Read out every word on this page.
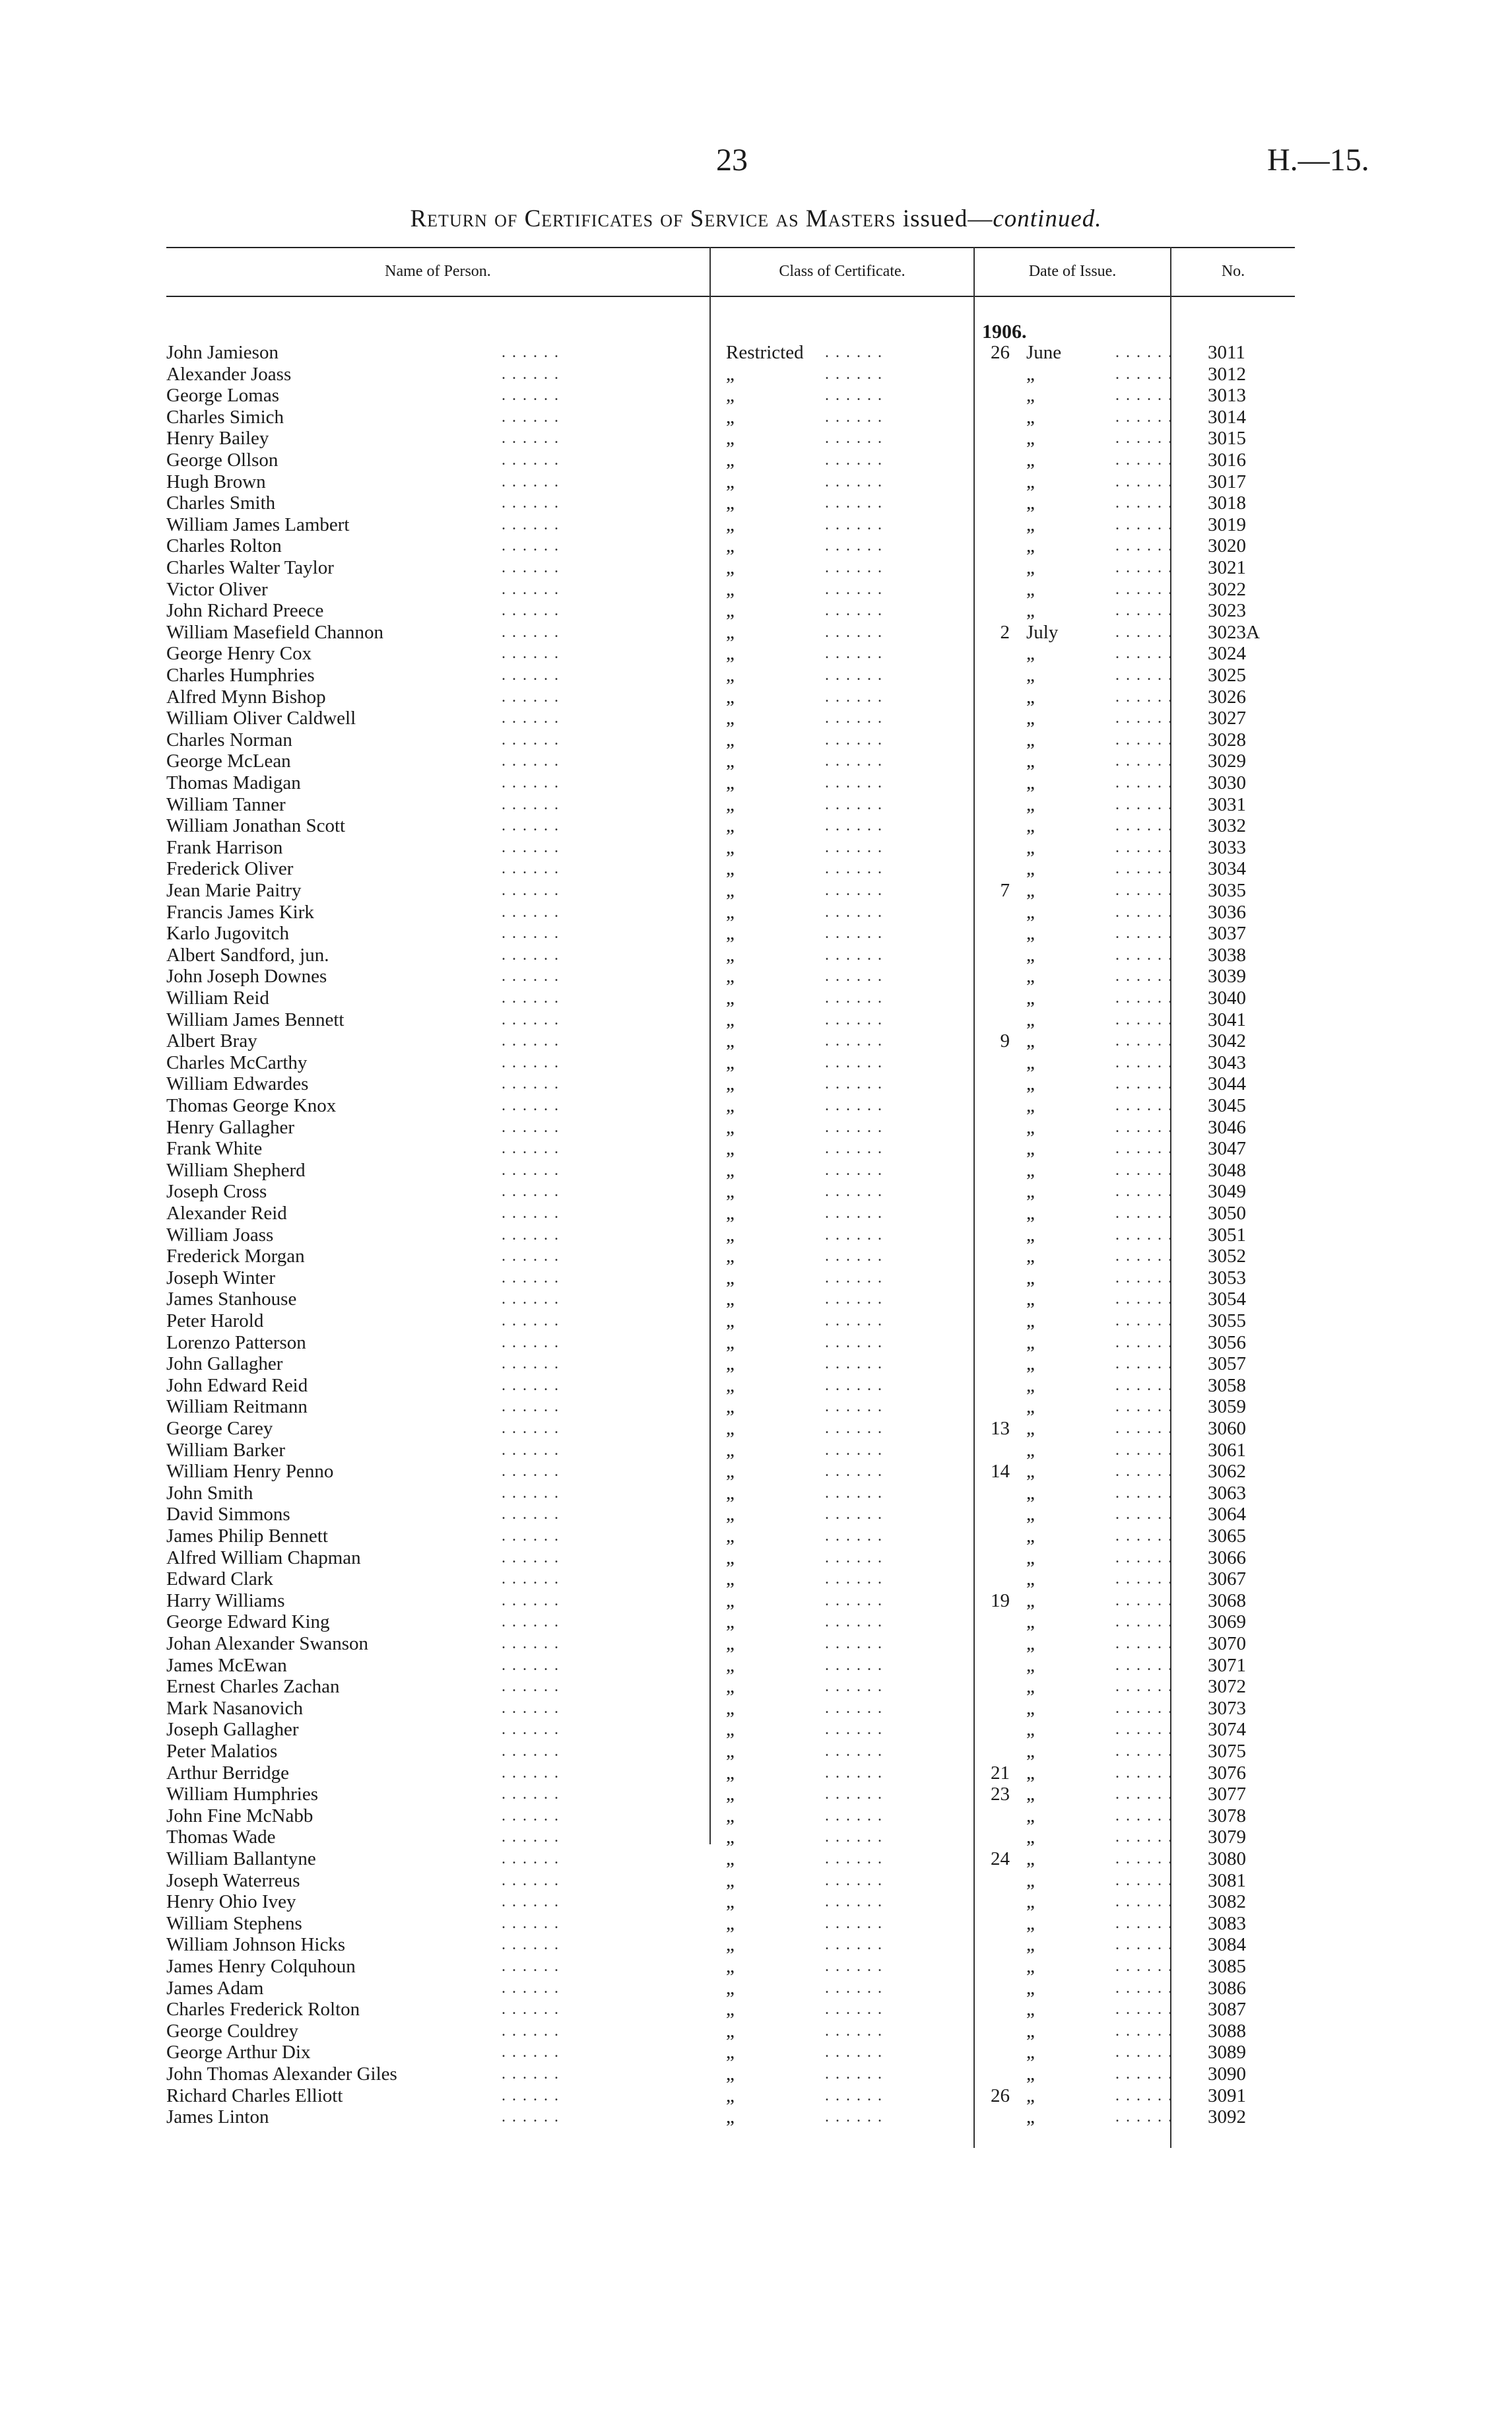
23	H.—15.
Return of Certificates of Service as Masters issued—continued.
Name of Person.	Class of Certificate.	Date of Issue.	No.
1906.
John Jamieson	Restricted	26 June	3011
. . . . . .	. . . . . .	. . . . . .
Alexander Joass	„	„	3012
. . . . . .	. . . . . .	. . . . . .
George Lomas	„	„	3013
. . . . . .	. . . . . .	. . . . . .
Charles Simich	„	„	3014
. . . . . .	. . . . . .	. . . . . .
Henry Bailey	„	„	3015
. . . . . .	. . . . . .	. . . . . .
George Ollson	„	„	3016
. . . . . .	. . . . . .	. . . . . .
Hugh Brown	„	„	3017
. . . . . .	. . . . . .	. . . . . .
Charles Smith	„	„	3018
. . . . . .	. . . . . .	. . . . . .
William James Lambert	„	„	3019
. . . . . .	. . . . . .	. . . . . .
Charles Rolton	„	„	3020
. . . . . .	. . . . . .	. . . . . .
Charles Walter Taylor	„	„	3021
. . . . . .	. . . . . .	. . . . . .
Victor Oliver	„	„	3022
. . . . . .	. . . . . .	. . . . . .
John Richard Preece	„	„	3023
. . . . . .	. . . . . .	. . . . . .
William Masefield Channon	„	2 July	3023A
. . . . . .	. . . . . .	. . . . . .
George Henry Cox	„	„	3024
. . . . . .	. . . . . .	. . . . . .
Charles Humphries	„	„	3025
. . . . . .	. . . . . .	. . . . . .
Alfred Mynn Bishop	„	„	3026
. . . . . .	. . . . . .	. . . . . .
William Oliver Caldwell	„	„	3027
. . . . . .	. . . . . .	. . . . . .
Charles Norman	„	„	3028
. . . . . .	. . . . . .	. . . . . .
George McLean	„	„	3029
. . . . . .	. . . . . .	. . . . . .
Thomas Madigan	„	„	3030
. . . . . .	. . . . . .	. . . . . .
William Tanner	„	„	3031
. . . . . .	. . . . . .	. . . . . .
William Jonathan Scott	„	„	3032
. . . . . .	. . . . . .	. . . . . .
Frank Harrison	„	„	3033
. . . . . .	. . . . . .	. . . . . .
Frederick Oliver	„	„	3034
. . . . . .	. . . . . .	. . . . . .
Jean Marie Paitry	„	7 „	3035
. . . . . .	. . . . . .	. . . . . .
Francis James Kirk	„	„	3036
. . . . . .	. . . . . .	. . . . . .
Karlo Jugovitch	„	„	3037
. . . . . .	. . . . . .	. . . . . .
Albert Sandford, jun.	„	„	3038
. . . . . .	. . . . . .	. . . . . .
John Joseph Downes	„	„	3039
. . . . . .	. . . . . .	. . . . . .
William Reid	„	„	3040
. . . . . .	. . . . . .	. . . . . .
William James Bennett	„	„	3041
. . . . . .	. . . . . .	. . . . . .
Albert Bray	„	9 „	3042
. . . . . .	. . . . . .	. . . . . .
Charles McCarthy	„	„	3043
. . . . . .	. . . . . .	. . . . . .
William Edwardes	„	„	3044
. . . . . .	. . . . . .	. . . . . .
Thomas George Knox	„	„	3045
. . . . . .	. . . . . .	. . . . . .
Henry Gallagher	„	„	3046
. . . . . .	. . . . . .	. . . . . .
Frank White	„	„	3047
. . . . . .	. . . . . .	. . . . . .
William Shepherd	„	„	3048
. . . . . .	. . . . . .	. . . . . .
Joseph Cross	„	„	3049
. . . . . .	. . . . . .	. . . . . .
Alexander Reid	„	„	3050
. . . . . .	. . . . . .	. . . . . .
William Joass	„	„	3051
. . . . . .	. . . . . .	. . . . . .
Frederick Morgan	„	„	3052
. . . . . .	. . . . . .	. . . . . .
Joseph Winter	„	„	3053
. . . . . .	. . . . . .	. . . . . .
James Stanhouse	„	„	3054
. . . . . .	. . . . . .	. . . . . .
Peter Harold	„	„	3055
. . . . . .	. . . . . .	. . . . . .
Lorenzo Patterson	„	„	3056
. . . . . .	. . . . . .	. . . . . .
John Gallagher	„	„	3057
. . . . . .	. . . . . .	. . . . . .
John Edward Reid	„	„	3058
. . . . . .	. . . . . .	. . . . . .
William Reitmann	„	„	3059
. . . . . .	. . . . . .	. . . . . .
George Carey	„	13 „	3060
. . . . . .	. . . . . .	. . . . . .
William Barker	„	„	3061
. . . . . .	. . . . . .	. . . . . .
William Henry Penno	„	14 „	3062
. . . . . .	. . . . . .	. . . . . .
John Smith	„	„	3063
. . . . . .	. . . . . .	. . . . . .
David Simmons	„	„	3064
. . . . . .	. . . . . .	. . . . . .
James Philip Bennett	„	„	3065
. . . . . .	. . . . . .	. . . . . .
Alfred William Chapman	„	„	3066
. . . . . .	. . . . . .	. . . . . .
Edward Clark	„	„	3067
. . . . . .	. . . . . .	. . . . . .
Harry Williams	„	19 „	3068
. . . . . .	. . . . . .	. . . . . .
George Edward King	„	„	3069
. . . . . .	. . . . . .	. . . . . .
Johan Alexander Swanson	„	„	3070
. . . . . .	. . . . . .	. . . . . .
James McEwan	„	„	3071
. . . . . .	. . . . . .	. . . . . .
Ernest Charles Zachan	„	„	3072
. . . . . .	. . . . . .	. . . . . .
Mark Nasanovich	„	„	3073
. . . . . .	. . . . . .	. . . . . .
Joseph Gallagher	„	„	3074
. . . . . .	. . . . . .	. . . . . .
Peter Malatios	„	„	3075
. . . . . .	. . . . . .	. . . . . .
Arthur Berridge	„	21 „	3076
. . . . . .	. . . . . .	. . . . . .
William Humphries	„	23 „	3077
. . . . . .	. . . . . .	. . . . . .
John Fine McNabb	„	„	3078
. . . . . .	. . . . . .	. . . . . .
Thomas Wade	„	„	3079
. . . . . .	. . . . . .	. . . . . .
William Ballantyne	„	24 „	3080
. . . . . .	. . . . . .	. . . . . .
Joseph Waterreus	„	„	3081
. . . . . .	. . . . . .	. . . . . .
Henry Ohio Ivey	„	„	3082
. . . . . .	. . . . . .	. . . . . .
William Stephens	„	„	3083
. . . . . .	. . . . . .	. . . . . .
William Johnson Hicks	„	„	3084
. . . . . .	. . . . . .	. . . . . .
James Henry Colquhoun	„	„	3085
. . . . . .	. . . . . .	. . . . . .
James Adam	„	„	3086
. . . . . .	. . . . . .	. . . . . .
Charles Frederick Rolton	„	„	3087
. . . . . .	. . . . . .	. . . . . .
George Couldrey	„	„	3088
. . . . . .	. . . . . .	. . . . . .
George Arthur Dix	„	„	3089
. . . . . .	. . . . . .	. . . . . .
John Thomas Alexander Giles	„	„	3090
. . . . . .	. . . . . .	. . . . . .
Richard Charles Elliott	„	26 „	3091
. . . . . .	. . . . . .	. . . . . .
James Linton	„	„	3092
. . . . . .	. . . . . .	. . . . . .
